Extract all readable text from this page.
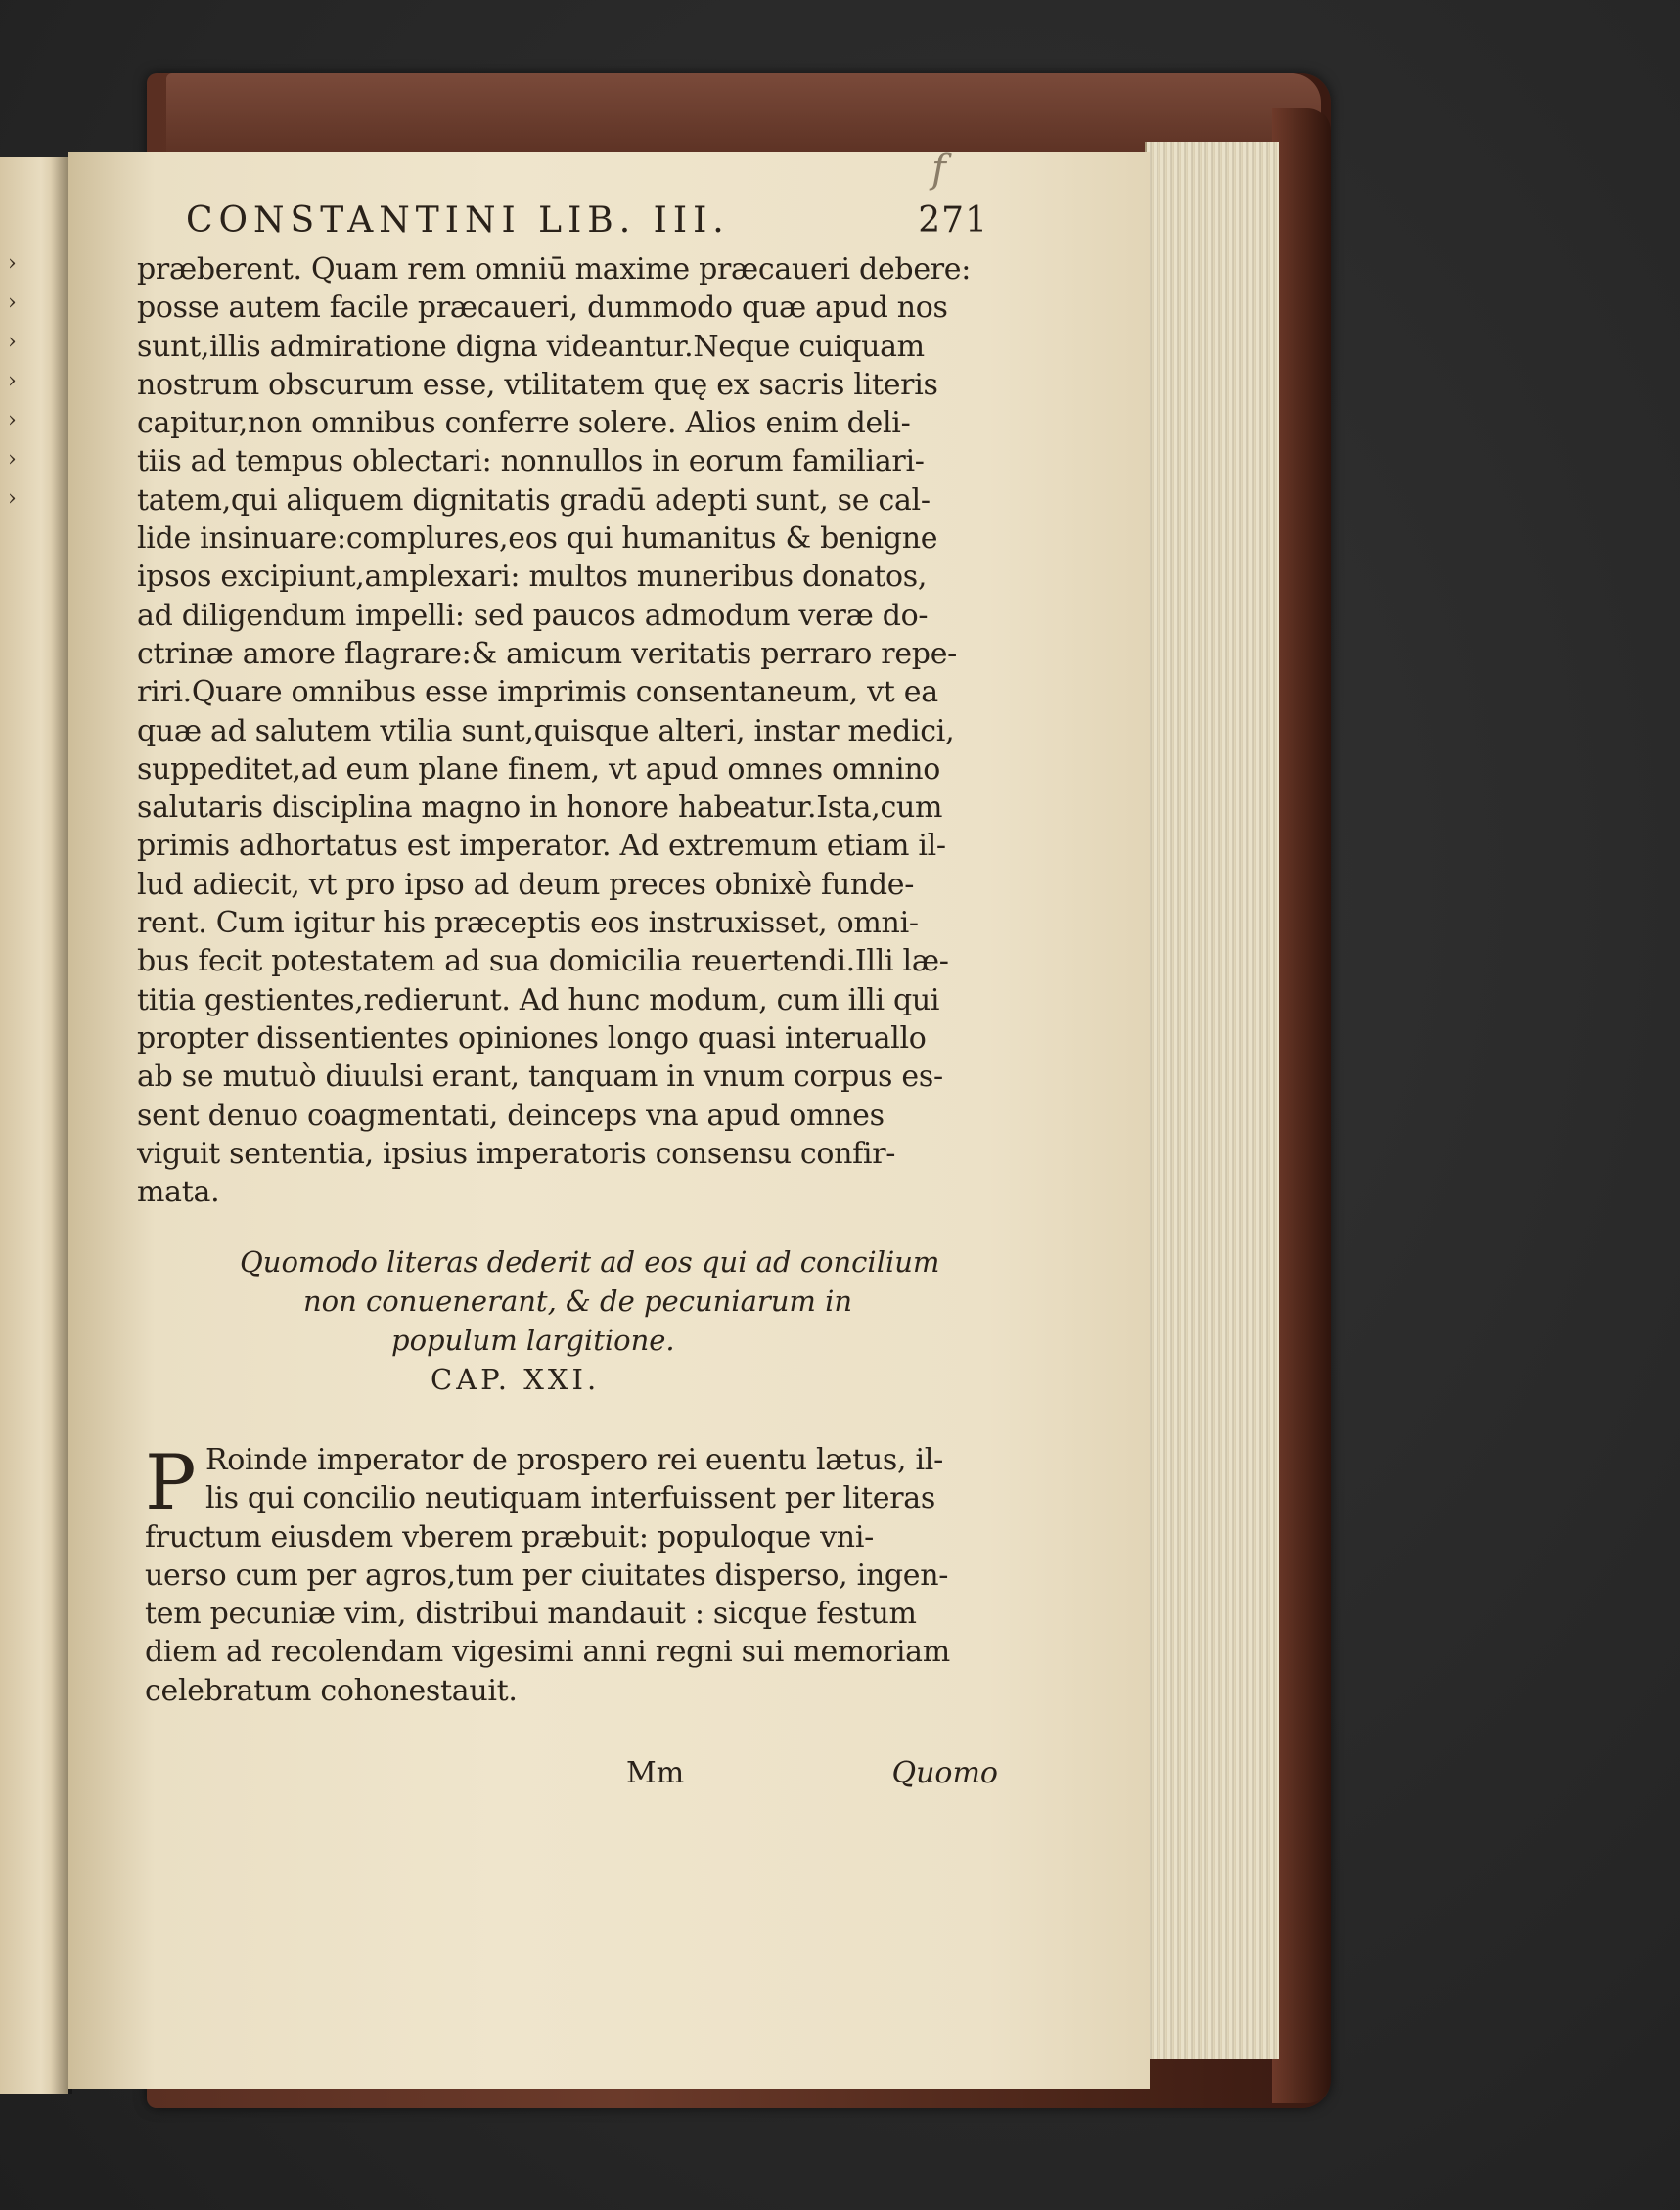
›
›
›
›
›
›
›
f
CONSTANTINI LIB. III.	271
præberent. Quam rem omniū maxime præcaueri debere:
posse autem facile præcaueri, dummodo quæ apud nos
sunt,illis admiratione digna videantur.Neque cuiquam
nostrum obscurum esse, vtilitatem quę ex sacris literis
capitur,non omnibus conferre solere. Alios enim deli-
tiis ad tempus oblectari: nonnullos in eorum familiari-
tatem,qui aliquem dignitatis gradū adepti sunt, se cal-
lide insinuare:complures,eos qui humanitus & benigne
ipsos excipiunt,amplexari: multos muneribus donatos,
ad diligendum impelli: sed paucos admodum veræ do-
ctrinæ amore flagrare:& amicum veritatis perraro repe-
riri.Quare omnibus esse imprimis consentaneum, vt ea
quæ ad salutem vtilia sunt,quisque alteri, instar medici,
suppeditet,ad eum plane finem, vt apud omnes omnino
salutaris disciplina magno in honore habeatur.Ista,cum
primis adhortatus est imperator. Ad extremum etiam il-
lud adiecit, vt pro ipso ad deum preces obnixè funde-
rent. Cum igitur his præceptis eos instruxisset, omni-
bus fecit potestatem ad sua domicilia reuertendi.Illi læ-
titia gestientes,redierunt. Ad hunc modum, cum illi qui
propter dissentientes opiniones longo quasi interuallo
ab se mutuò diuulsi erant, tanquam in vnum corpus es-
sent denuo coagmentati, deinceps vna apud omnes
viguit sententia, ipsius imperatoris consensu confir-
mata.
Quomodo literas dederit ad eos qui ad concilium
non conuenerant, & de pecuniarum in
populum largitione.
CAP. XXI.
P Roinde imperator de prospero rei euentu lætus, il-
lis qui concilio neutiquam interfuissent per literas
fructum eiusdem vberem præbuit: populoque vni-
uerso cum per agros,tum per ciuitates disperso, ingen-
tem pecuniæ vim, distribui mandauit : sicque festum
diem ad recolendam vigesimi anni regni sui memoriam
celebratum cohonestauit.
Mm	Quomo
